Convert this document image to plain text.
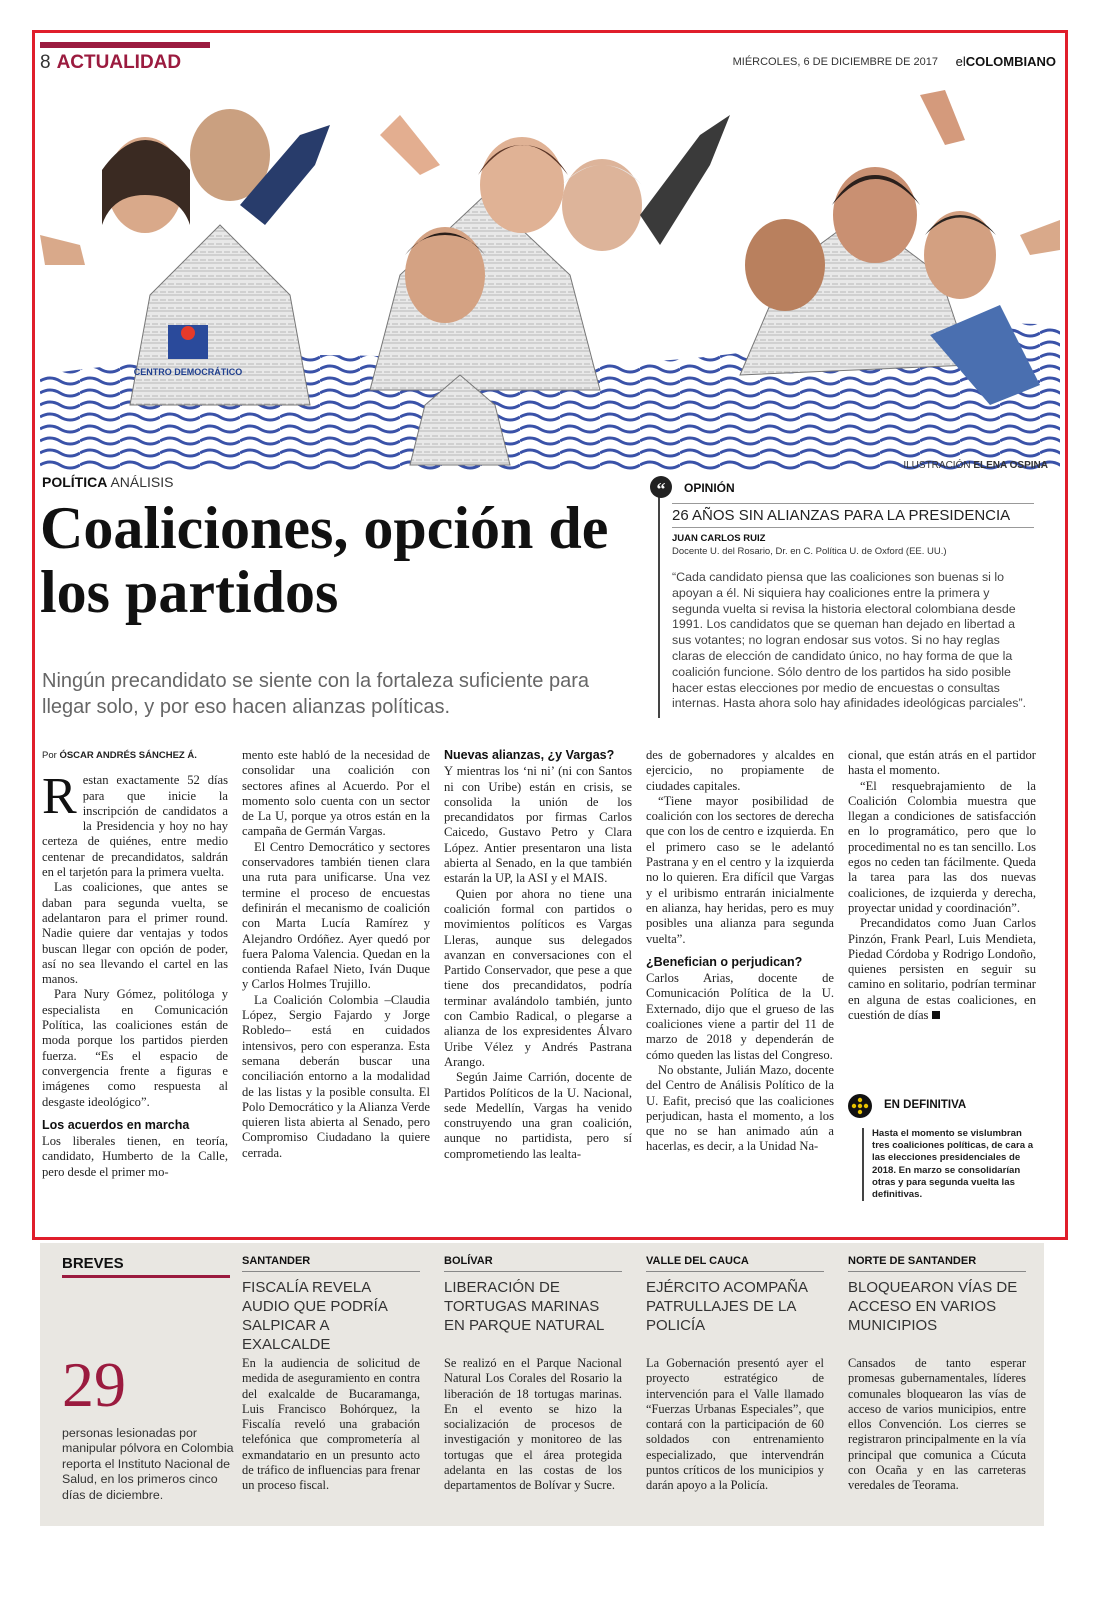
8 ACTUALIDAD	MIÉRCOLES, 6 DE DICIEMBRE DE 2017 elCOLOMBIANO
CENTRO DEMOCRÁTICO
ILUSTRACIÓN ELENA OSPINA
POLÍTICA ANÁLISIS
Coaliciones, opción de los partidos
Ningún precandidato se siente con la fortaleza suficiente para llegar solo, y por eso hacen alianzas políticas.
“	OPINIÓN
26 AÑOS SIN ALIANZAS PARA LA PRESIDENCIA
JUAN CARLOS RUIZ
Docente U. del Rosario, Dr. en C. Política U. de Oxford (EE. UU.)
“Cada candidato piensa que las coaliciones son buenas si lo apoyan a él. Ni siquiera hay coaliciones entre la primera y segunda vuelta si revisa la historia electoral colombiana desde 1991. Los candidatos que se queman han dejado en libertad a sus votantes; no logran endosar sus votos. Si no hay reglas claras de elección de candidato único, no hay forma de que la coalición funcione. Sólo dentro de los partidos ha sido posible hacer estas elecciones por medio de encuestas o consultas internas. Hasta ahora solo hay afinidades ideológicas parciales”.
Por ÓSCAR ANDRÉS SÁNCHEZ Á.

Restan exactamente 52 días para que inicie la inscripción de candidatos a la Presidencia y hoy no hay certeza de quiénes, entre medio centenar de precandidatos, saldrán en el tarjetón para la primera vuelta.

Las coaliciones, que antes se daban para segunda vuelta, se adelantaron para el primer round. Nadie quiere dar ventajas y todos buscan llegar con opción de poder, así no sea llevando el cartel en las manos.

Para Nury Gómez, politóloga y especialista en Comunicación Política, las coaliciones están de moda porque los partidos pierden fuerza. “Es el espacio de convergencia frente a figuras e imágenes como respuesta al desgaste ideológico”.

Los acuerdos en marcha

Los liberales tienen, en teoría, candidato, Humberto de la Calle, pero desde el primer mo-

mento este habló de la necesidad de consolidar una coalición con sectores afines al Acuerdo. Por el momento solo cuenta con un sector de La U, porque ya otros están en la campaña de Germán Vargas.

El Centro Democrático y sectores conservadores también tienen clara una ruta para unificarse. Una vez termine el proceso de encuestas definirán el mecanismo de coalición con Marta Lucía Ramírez y Alejandro Ordóñez. Ayer quedó por fuera Paloma Valencia. Quedan en la contienda Rafael Nieto, Iván Duque y Carlos Holmes Trujillo.

La Coalición Colombia –Claudia López, Sergio Fajardo y Jorge Robledo– está en cuidados intensivos, pero con esperanza. Esta semana deberán buscar una conciliación entorno a la modalidad de las listas y la posible consulta. El Polo Democrático y la Alianza Verde quieren lista abierta al Senado, pero Compromiso Ciudadano la quiere cerrada.

Nuevas alianzas, ¿y Vargas?

Y mientras los ‘ni ni’ (ni con Santos ni con Uribe) están en crisis, se consolida la unión de los precandidatos por firmas Carlos Caicedo, Gustavo Petro y Clara López. Antier presentaron una lista abierta al Senado, en la que también estarán la UP, la ASI y el MAIS.

Quien por ahora no tiene una coalición formal con partidos o movimientos políticos es Vargas Lleras, aunque sus delegados avanzan en conversaciones con el Partido Conservador, que pese a que tiene dos precandidatos, podría terminar avalándolo también, junto con Cambio Radical, o plegarse a alianza de los expresidentes Álvaro Uribe Vélez y Andrés Pastrana Arango.

Según Jaime Carrión, docente de Partidos Políticos de la U. Nacional, sede Medellín, Vargas ha venido construyendo una gran coalición, aunque no partidista, pero sí comprometiendo las lealta-

des de gobernadores y alcaldes en ejercicio, no propiamente de ciudades capitales.

“Tiene mayor posibilidad de coalición con los sectores de derecha que con los de centro e izquierda. En el primero caso se le adelantó Pastrana y en el centro y la izquierda no lo quieren. Era difícil que Vargas y el uribismo entrarán inicialmente en alianza, hay heridas, pero es muy posibles una alianza para segunda vuelta”.

¿Benefician o perjudican?

Carlos Arias, docente de Comunicación Política de la U. Externado, dijo que el grueso de las coaliciones viene a partir del 11 de marzo de 2018 y dependerán de cómo queden las listas del Congreso.

No obstante, Julián Mazo, docente del Centro de Análisis Político de la U. Eafit, precisó que las coaliciones perjudican, hasta el momento, a los que no se han animado aún a hacerlas, es decir, a la Unidad Na-

cional, que están atrás en el partidor hasta el momento.

“El resquebrajamiento de la Coalición Colombia muestra que llegan a condiciones de satisfacción en lo programático, pero que lo procedimental no es tan sencillo. Los egos no ceden tan fácilmente. Queda la tarea para las dos nuevas coaliciones, de izquierda y derecha, proyectar unidad y coordinación”.

Precandidatos como Juan Carlos Pinzón, Frank Pearl, Luis Mendieta, Piedad Córdoba y Rodrigo Londoño, quienes persisten en seguir su camino en solitario, podrían terminar en alguna de estas coaliciones, en cuestión de días

EN DEFINITIVA
Hasta el momento se vislumbran tres coaliciones políticas, de cara a las elecciones presidenciales de 2018. En marzo se consolidarían otras y para segunda vuelta las definitivas.
BREVES
29
personas lesionadas por manipular pólvora en Colombia reporta el Instituto Nacional de Salud, en los primeros cinco días de diciembre.
SANTANDER
FISCALÍA REVELA AUDIO QUE PODRÍA SALPICAR A EXALCALDE
En la audiencia de solicitud de medida de aseguramiento en contra del exalcalde de Bucaramanga, Luis Francisco Bohórquez, la Fiscalía reveló una grabación telefónica que comprometería al exmandatario en un presunto acto de tráfico de influencias para frenar un proceso fiscal.
BOLÍVAR
LIBERACIÓN DE TORTUGAS MARINAS EN PARQUE NATURAL
Se realizó en el Parque Nacional Natural Los Corales del Rosario la liberación de 18 tortugas marinas. En el evento se hizo la socialización de procesos de investigación y monitoreo de las tortugas que el área protegida adelanta en las costas de los departamentos de Bolívar y Sucre.
VALLE DEL CAUCA
EJÉRCITO ACOMPAÑA PATRULLAJES DE LA POLICÍA
La Gobernación presentó ayer el proyecto estratégico de intervención para el Valle llamado “Fuerzas Urbanas Especiales”, que contará con la participación de 60 soldados con entrenamiento especializado, que intervendrán puntos críticos de los municipios y darán apoyo a la Policía.
NORTE DE SANTANDER
BLOQUEARON VÍAS DE ACCESO EN VARIOS MUNICIPIOS
Cansados de tanto esperar promesas gubernamentales, líderes comunales bloquearon las vías de acceso de varios municipios, entre ellos Convención. Los cierres se registraron principalmente en la vía principal que comunica a Cúcuta con Ocaña y en las carreteras veredales de Teorama.
